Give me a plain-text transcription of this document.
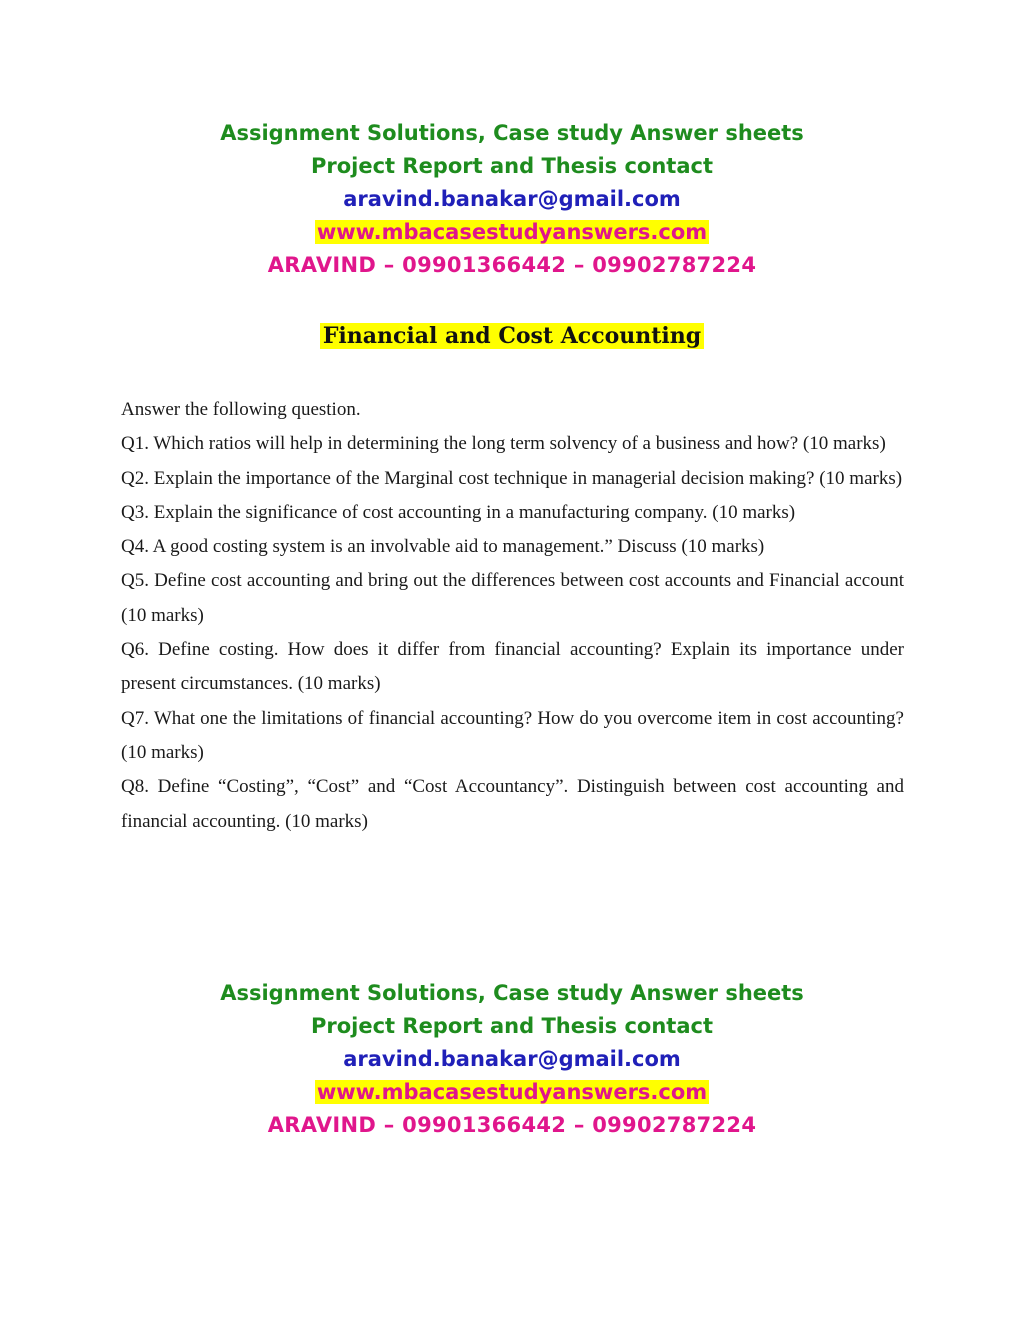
Assignment Solutions, Case study Answer sheets
Project Report and Thesis contact
aravind.banakar@gmail.com
www.mbacasestudyanswers.com
ARAVIND – 09901366442 – 09902787224
Financial and Cost Accounting

Answer the following question.

Q1. Which ratios will help in determining the long term solvency of a business and how? (10 marks)

Q2. Explain the importance of the Marginal cost technique in managerial decision making? (10 marks)

Q3. Explain the significance of cost accounting in a manufacturing company. (10 marks)

Q4. A good costing system is an involvable aid to management.” Discuss (10 marks)

Q5. Define cost accounting and bring out the differences between cost accounts and Financial account (10 marks)

Q6. Define costing. How does it differ from financial accounting? Explain its importance under present circumstances. (10 marks)

Q7. What one the limitations of financial accounting? How do you overcome item in cost accounting? (10 marks)

Q8. Define “Costing”, “Cost” and “Cost Accountancy”. Distinguish between cost accounting and financial accounting. (10 marks)

Assignment Solutions, Case study Answer sheets
Project Report and Thesis contact
aravind.banakar@gmail.com
www.mbacasestudyanswers.com
ARAVIND – 09901366442 – 09902787224
